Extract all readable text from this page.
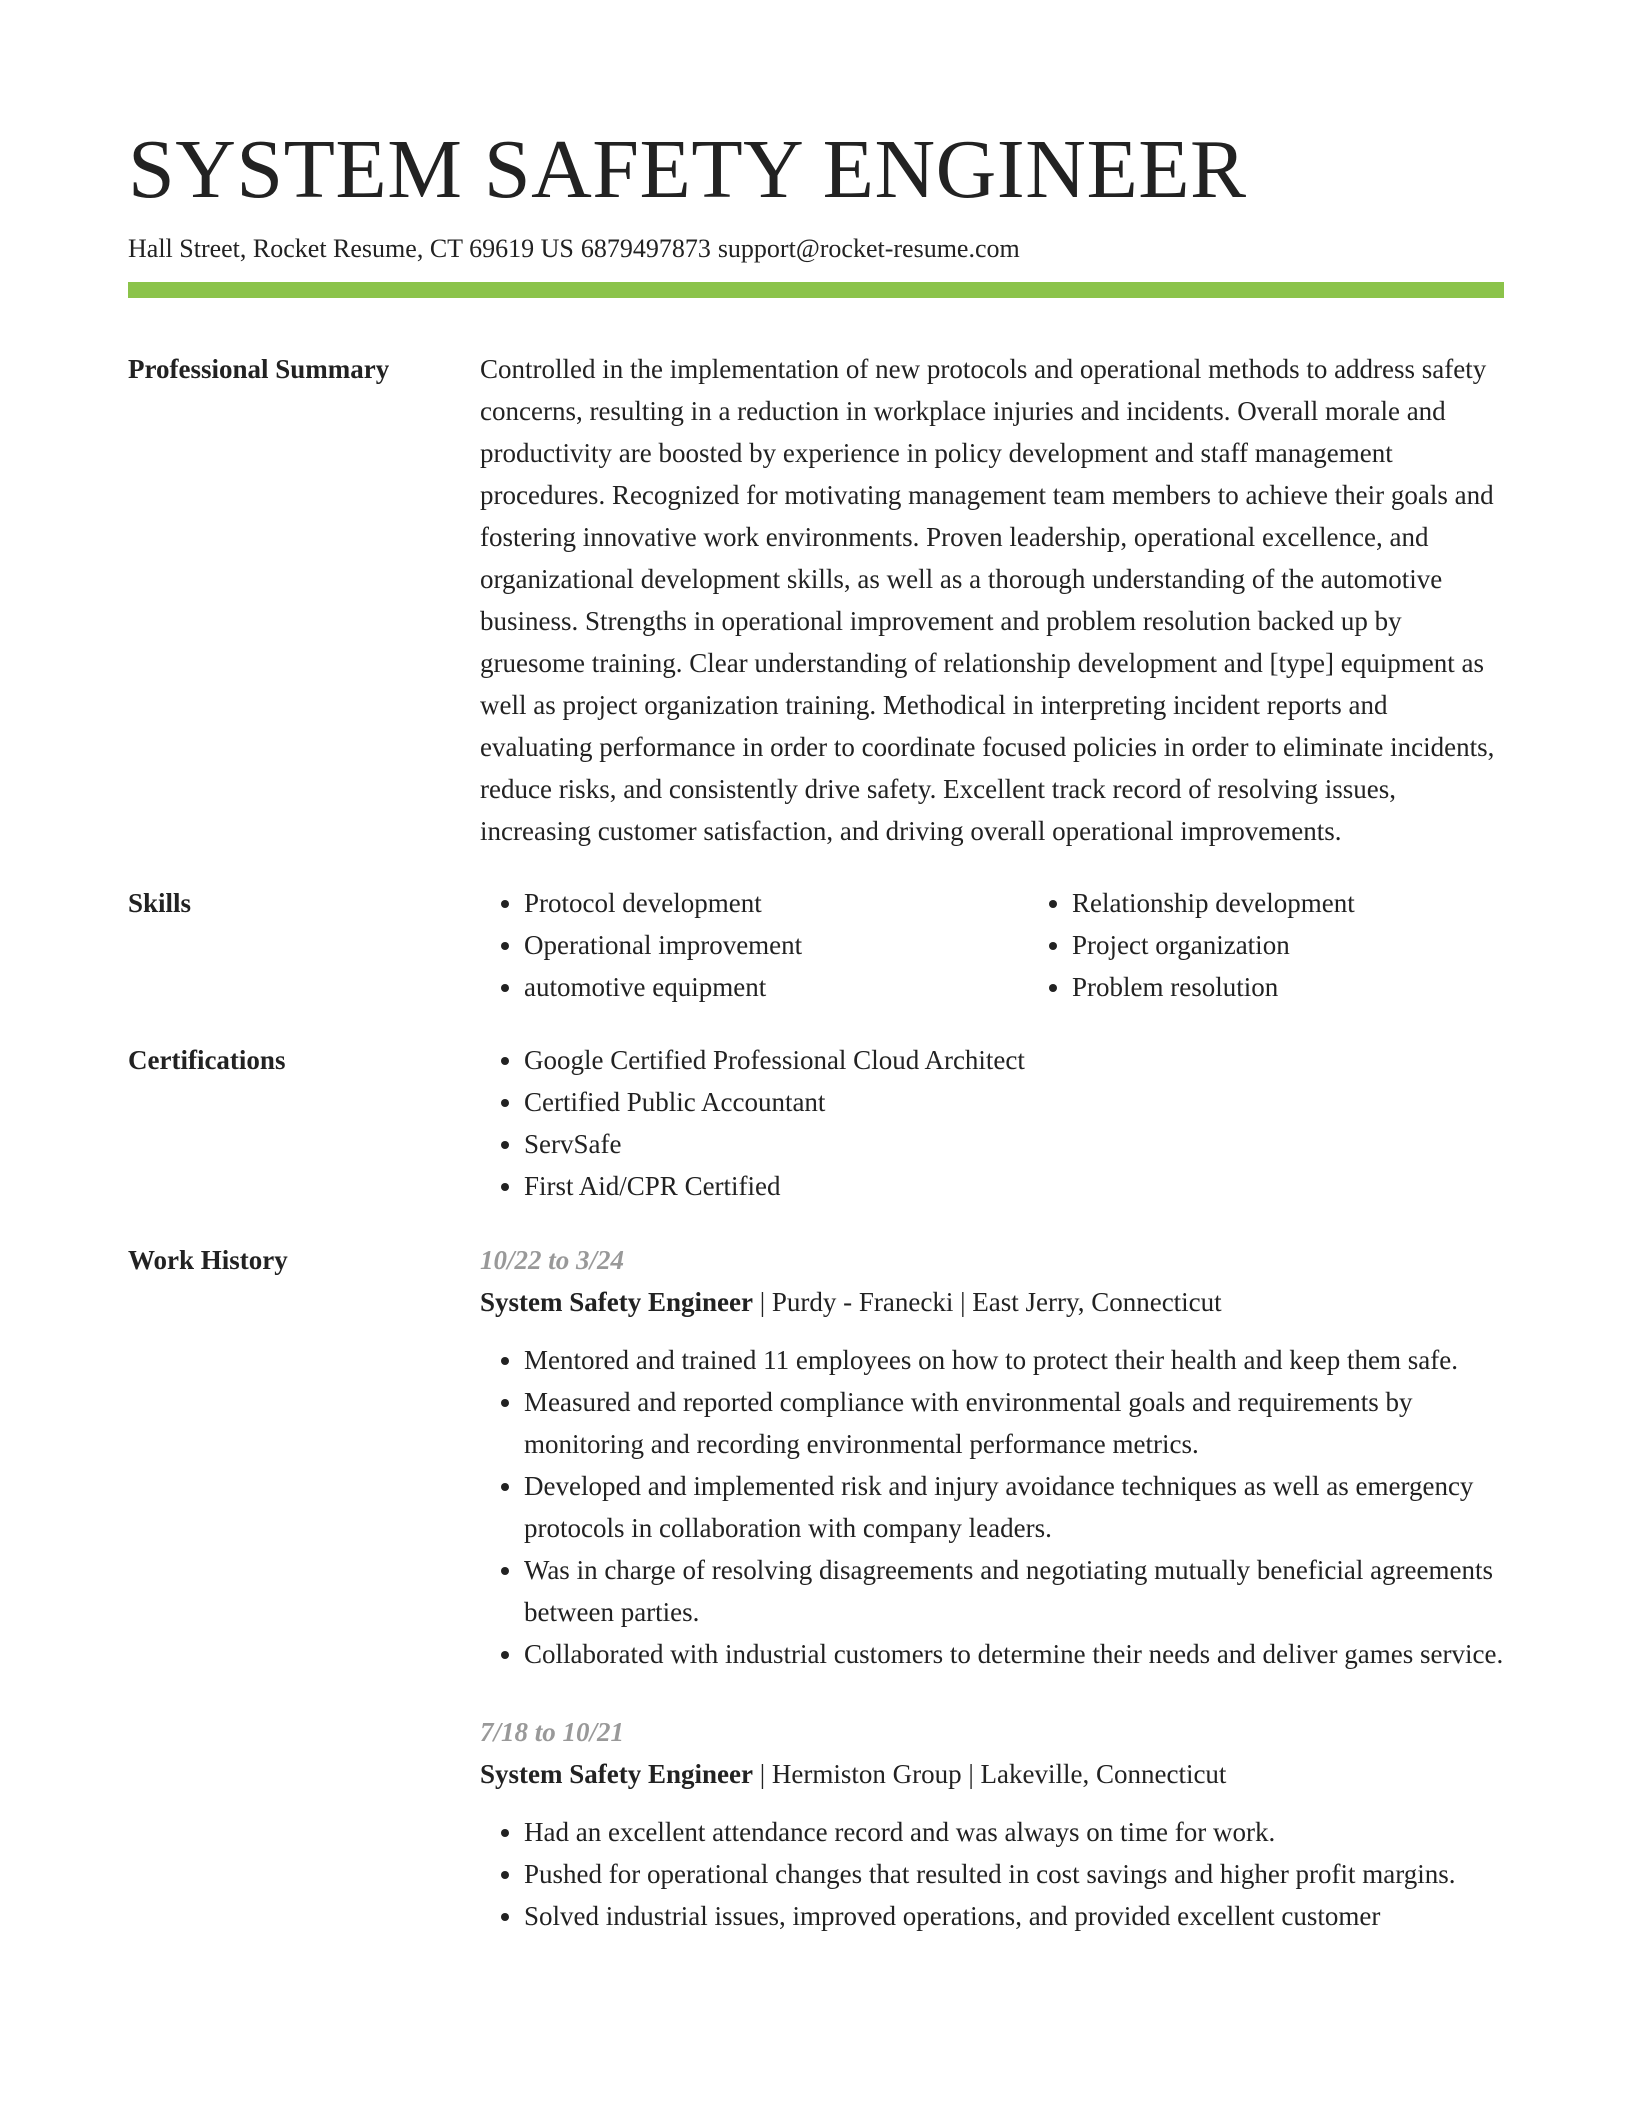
SYSTEM SAFETY ENGINEER
Hall Street, Rocket Resume, CT 69619 US 6879497873 support@rocket-resume.com
Professional Summary	Controlled in the implementation of new protocols and operational methods to address safety concerns, resulting in a reduction in workplace injuries and incidents. Overall morale and productivity are boosted by experience in policy development and staff management procedures. Recognized for motivating management team members to achieve their goals and fostering innovative work environments. Proven leadership, operational excellence, and organizational development skills, as well as a thorough understanding of the automotive business. Strengths in operational improvement and problem resolution backed up by gruesome training. Clear understanding of relationship development and [type] equipment as well as project organization training. Methodical in interpreting incident reports and evaluating performance in order to coordinate focused policies in order to eliminate incidents, reduce risks, and consistently drive safety. Excellent track record of resolving issues, increasing customer satisfaction, and driving overall operational improvements.

Skills	• Protocol development
• Operational improvement
• automotive equipment
• Relationship development
• Project organization
• Problem resolution
Certifications	• Google Certified Professional Cloud Architect
• Certified Public Accountant
• ServSafe
• First Aid/CPR Certified
Work History	10/22 to 3/24
System Safety Engineer | Purdy - Franecki | East Jerry, Connecticut
• Mentored and trained 11 employees on how to protect their health and keep them safe.
• Measured and reported compliance with environmental goals and requirements by monitoring and recording environmental performance metrics.
• Developed and implemented risk and injury avoidance techniques as well as emergency protocols in collaboration with company leaders.
• Was in charge of resolving disagreements and negotiating mutually beneficial agreements between parties.
• Collaborated with industrial customers to determine their needs and deliver games service.
7/18 to 10/21
System Safety Engineer | Hermiston Group | Lakeville, Connecticut
• Had an excellent attendance record and was always on time for work.
• Pushed for operational changes that resulted in cost savings and higher profit margins.
• Solved industrial issues, improved operations, and provided excellent customer
